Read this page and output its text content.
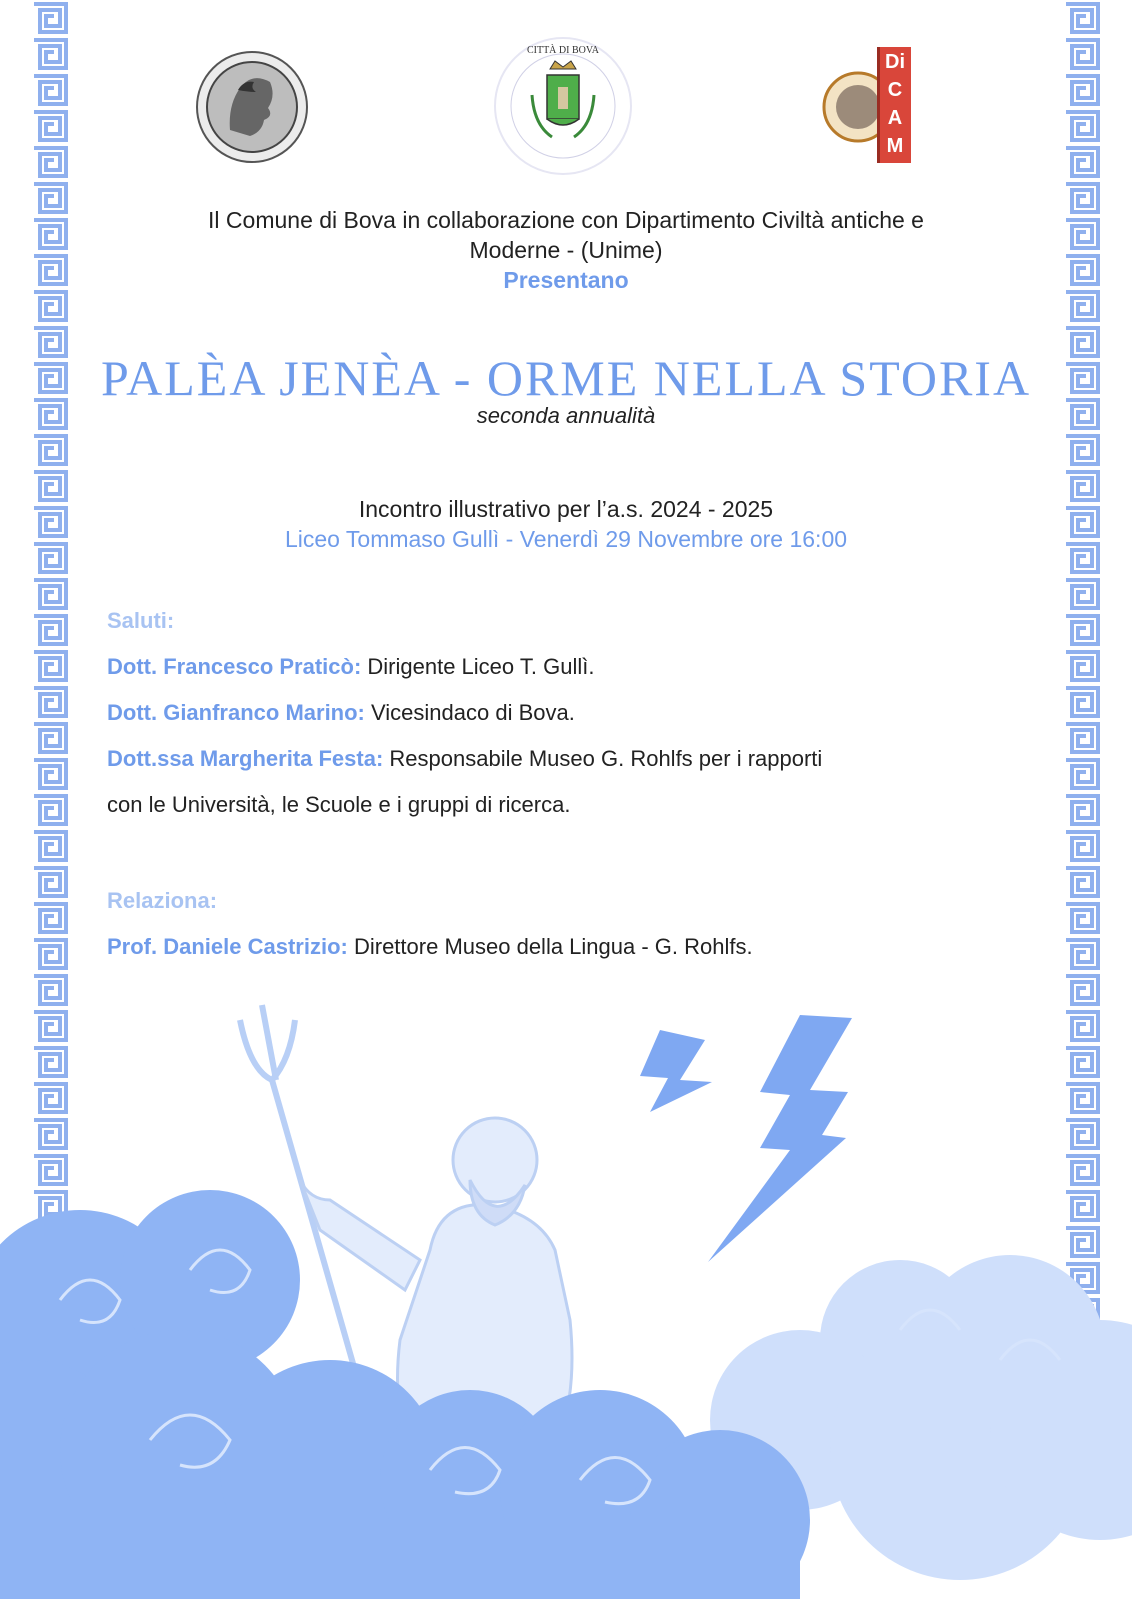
CITTÀ DI BOVA
Di
C
A
M
Il Comune di Bova in collaborazione con Dipartimento Civiltà antiche e
Moderne - (Unime)
Presentano
PALÈA JENÈA - ORME NELLA STORIA
seconda annualità
Incontro illustrativo per l’a.s. 2024 - 2025
Liceo Tommaso Gullì - Venerdì 29 Novembre ore 16:00
Saluti:
Dott. Francesco Praticò: Dirigente Liceo T. Gullì.
Dott. Gianfranco Marino: Vicesindaco di Bova.
Dott.ssa Margherita Festa: Responsabile Museo G. Rohlfs per i rapporti
con le Università, le Scuole e i gruppi di ricerca.
Relaziona:
Prof. Daniele Castrizio: Direttore Museo della Lingua - G. Rohlfs.
